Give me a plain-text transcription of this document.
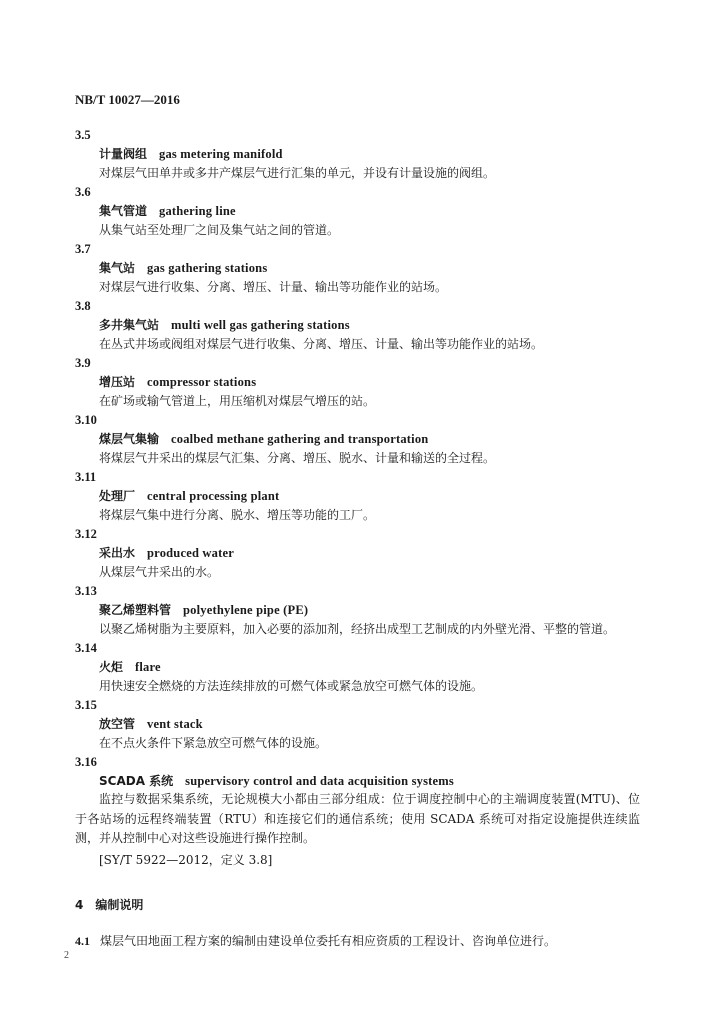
NB/T 10027—2016
3.5
计量阀组 gas metering manifold
对煤层气田单井或多井产煤层气进行汇集的单元，并设有计量设施的阀组。
3.6
集气管道 gathering line
从集气站至处理厂之间及集气站之间的管道。
3.7
集气站 gas gathering stations
对煤层气进行收集、分离、增压、计量、输出等功能作业的站场。
3.8
多井集气站 multi well gas gathering stations
在丛式井场或阀组对煤层气进行收集、分离、增压、计量、输出等功能作业的站场。
3.9
增压站 compressor stations
在矿场或输气管道上，用压缩机对煤层气增压的站。
3.10
煤层气集输 coalbed methane gathering and transportation
将煤层气井采出的煤层气汇集、分离、增压、脱水、计量和输送的全过程。
3.11
处理厂 central processing plant
将煤层气集中进行分离、脱水、增压等功能的工厂。
3.12
采出水 produced water
从煤层气井采出的水。
3.13
聚乙烯塑料管 polyethylene pipe (PE)
以聚乙烯树脂为主要原料，加入必要的添加剂，经挤出成型工艺制成的内外壁光滑、平整的管道。
3.14
火炬 flare
用快速安全燃烧的方法连续排放的可燃气体或紧急放空可燃气体的设施。
3.15
放空管 vent stack
在不点火条件下紧急放空可燃气体的设施。
3.16
SCADA 系统 supervisory control and data acquisition systems
监控与数据采集系统，无论规模大小都由三部分组成：位于调度控制中心的主端调度装置(MTU)、位于各站场的远程终端装置（RTU）和连接它们的通信系统；使用 SCADA 系统可对指定设施提供连续监测，并从控制中心对这些设施进行操作控制。
[SY/T 5922—2012，定义 3.8]
4　编制说明
4.1 煤层气田地面工程方案的编制由建设单位委托有相应资质的工程设计、咨询单位进行。
2
